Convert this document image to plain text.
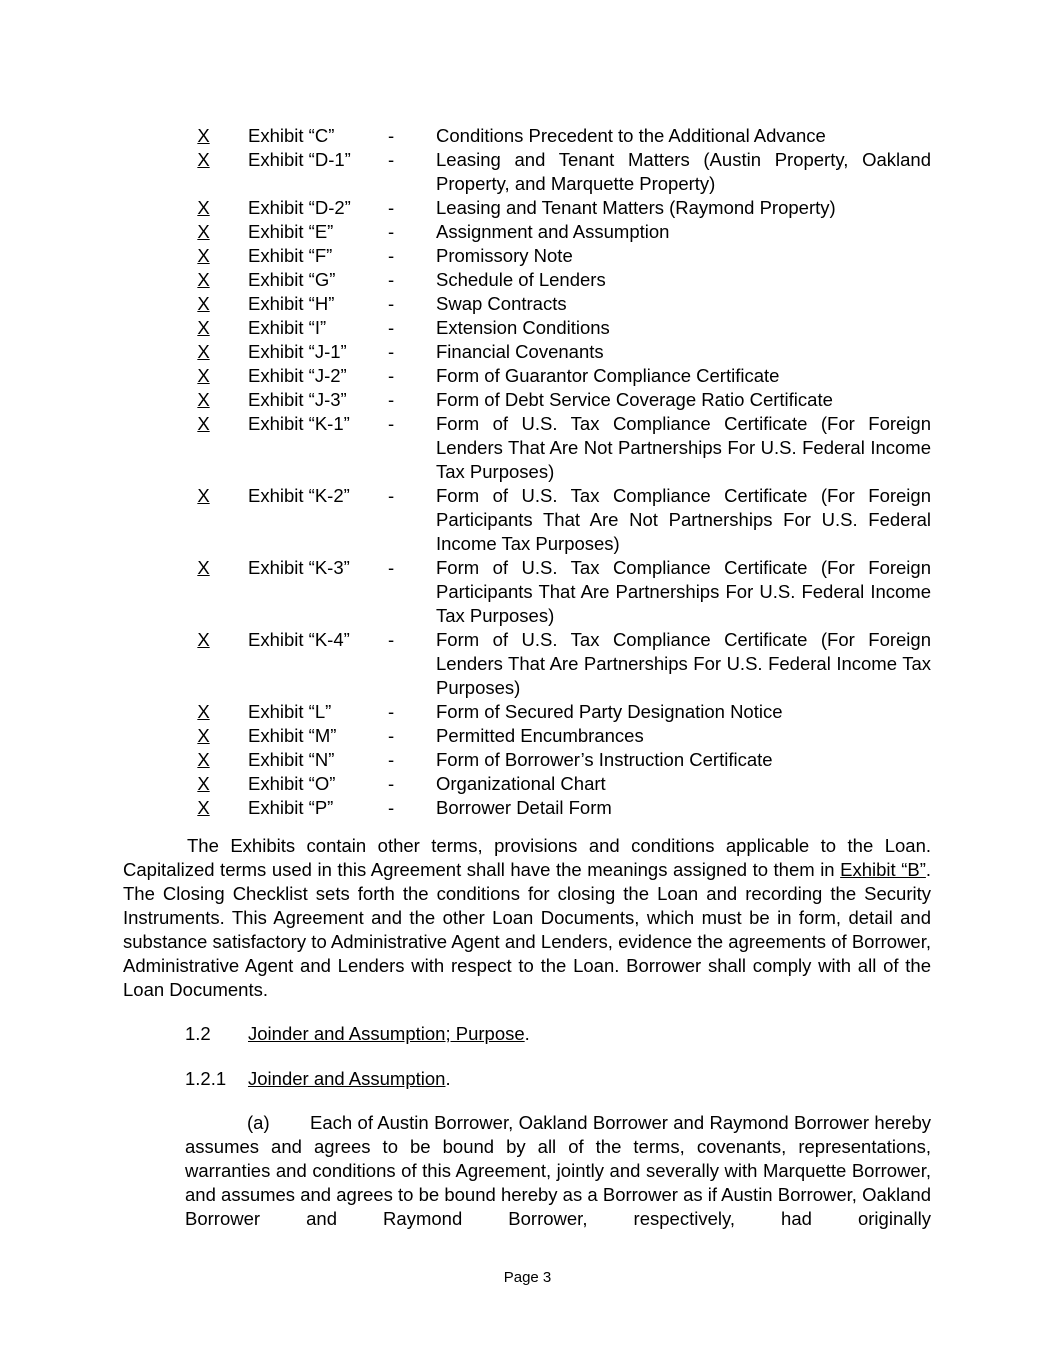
X	Exhibit “C”	-	Conditions Precedent to the Additional Advance
X	Exhibit “D-1”	-	Leasing and Tenant Matters (Austin Property, Oakland Property, and Marquette Property)
X	Exhibit “D-2”	-	Leasing and Tenant Matters (Raymond Property)
X	Exhibit “E”	-	Assignment and Assumption
X	Exhibit “F”	-	Promissory Note
X	Exhibit “G”	-	Schedule of Lenders
X	Exhibit “H”	-	Swap Contracts
X	Exhibit “I”	-	Extension Conditions
X	Exhibit “J-1”	-	Financial Covenants
X	Exhibit “J-2”	-	Form of Guarantor Compliance Certificate
X	Exhibit “J-3”	-	Form of Debt Service Coverage Ratio Certificate
X	Exhibit “K-1”	-	Form of U.S. Tax Compliance Certificate (For Foreign Lenders That Are Not Partnerships For U.S. Federal Income Tax Purposes)
X	Exhibit “K-2”	-	Form of U.S. Tax Compliance Certificate (For Foreign Participants That Are Not Partnerships For U.S. Federal Income Tax Purposes)
X	Exhibit “K-3”	-	Form of U.S. Tax Compliance Certificate (For Foreign Participants That Are Partnerships For U.S. Federal Income Tax Purposes)
X	Exhibit “K-4”	-	Form of U.S. Tax Compliance Certificate (For Foreign Lenders That Are Partnerships For U.S. Federal Income Tax Purposes)
X	Exhibit “L”	-	Form of Secured Party Designation Notice
X	Exhibit “M”	-	Permitted Encumbrances
X	Exhibit “N”	-	Form of Borrower’s Instruction Certificate
X	Exhibit “O”	-	Organizational Chart
X	Exhibit “P”	-	Borrower Detail Form
The Exhibits contain other terms, provisions and conditions applicable to the Loan. Capitalized terms used in this Agreement shall have the meanings assigned to them in Exhibit “B”. The Closing Checklist sets forth the conditions for closing the Loan and recording the Security Instruments. This Agreement and the other Loan Documents, which must be in form, detail and substance satisfactory to Administrative Agent and Lenders, evidence the agreements of Borrower, Administrative Agent and Lenders with respect to the Loan. Borrower shall comply with all of the Loan Documents.
1.2	Joinder and Assumption; Purpose.
1.2.1	Joinder and Assumption.
(a) Each of Austin Borrower, Oakland Borrower and Raymond Borrower hereby assumes and agrees to be bound by all of the terms, covenants, representations, warranties and conditions of this Agreement, jointly and severally with Marquette Borrower, and assumes and agrees to be bound hereby as a Borrower as if Austin Borrower, Oakland Borrower and Raymond Borrower, respectively, had originally
Page 3
